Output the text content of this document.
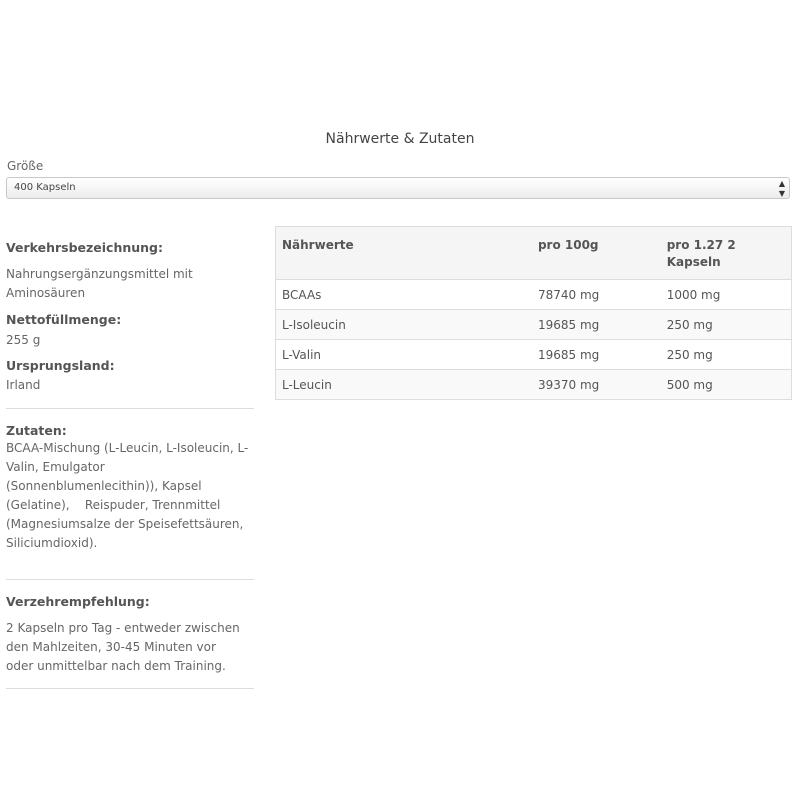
Nährwerte & Zutaten
Größe
400 Kapseln	▲
▼

Verkehrsbezeichnung:

Nahrungsergänzungsmittel mit Aminosäuren

Nettofüllmenge:

255 g

Ursprungsland:

Irland

Zutaten:

BCAA-Mischung (L-Leucin, L-Isoleucin, L-Valin, Emulgator (Sonnenblumenlecithin)), Kapsel (Gelatine),    Reispuder, Trennmittel (Magnesiumsalze der Speisefettsäuren, Siliciumdioxid).

Verzehrempfehlung:

2 Kapseln pro Tag - entweder zwischen den Mahlzeiten, 30-45 Minuten vor oder unmittelbar nach dem Training.

Nährwerte	pro 100g	pro 1.27 2 Kapseln
BCAAs	78740 mg	1000 mg
L-Isoleucin	19685 mg	250 mg
L-Valin	19685 mg	250 mg
L-Leucin	39370 mg	500 mg
